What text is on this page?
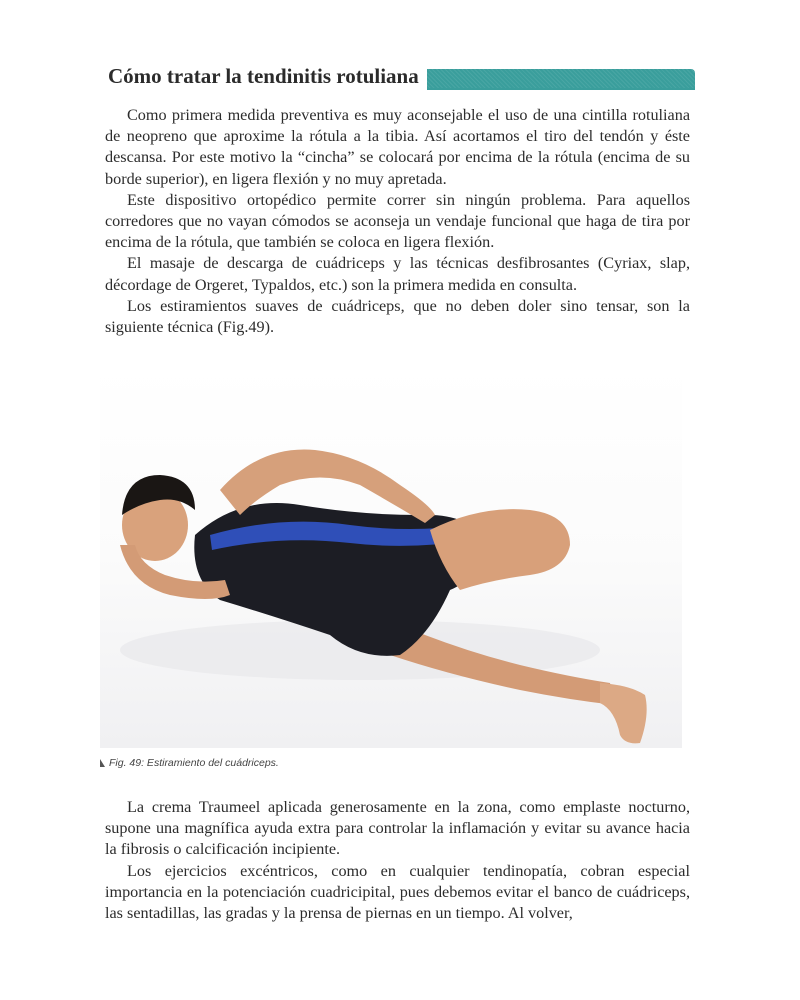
Cómo tratar la tendinitis rotuliana

Como primera medida preventiva es muy aconsejable el uso de una cintilla rotuliana de neopreno que aproxime la rótula a la tibia. Así acortamos el tiro del tendón y éste descansa. Por este motivo la “cincha” se colocará por encima de la rótula (encima de su borde superior), en ligera flexión y no muy apretada.

Este dispositivo ortopédico permite correr sin ningún problema. Para aquellos corredores que no vayan cómodos se aconseja un vendaje funcional que haga de tira por encima de la rótula, que también se coloca en ligera flexión.

El masaje de descarga de cuádriceps y las técnicas desfibrosantes (Cyriax, slap, décordage de Orgeret, Typaldos, etc.) son la primera medida en consulta.

Los estiramientos suaves de cuádriceps, que no deben doler sino tensar, son la siguiente técnica (Fig.49).

Fig. 49: Estiramiento del cuádriceps.

La crema Traumeel aplicada generosamente en la zona, como emplaste nocturno, supone una magnífica ayuda extra para controlar la inflamación y evitar su avance hacia la fibrosis o calcificación incipiente.

Los ejercicios excéntricos, como en cualquier tendinopatía, cobran especial importancia en la potenciación cuadricipital, pues debemos evitar el banco de cuádriceps, las sentadillas, las gradas y la prensa de piernas en un tiempo. Al volver,
